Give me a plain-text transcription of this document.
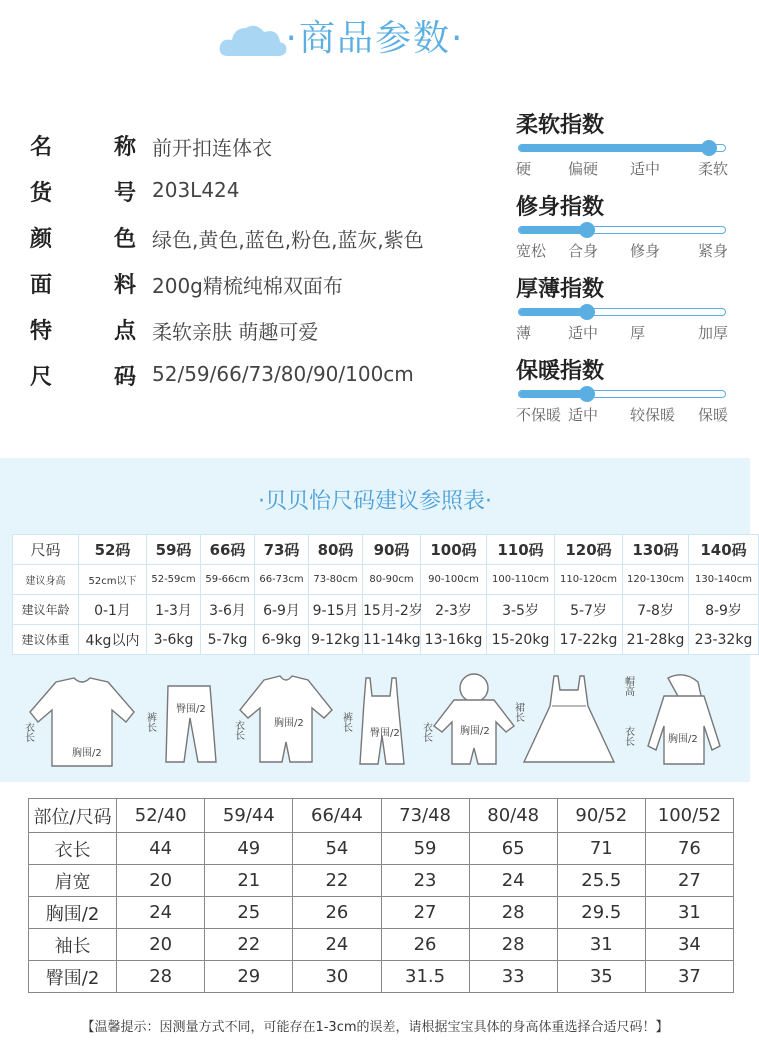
·商品参数·
名	称 前开扣连体衣
货	号 203L424
颜	色 绿色,黄色,蓝色,粉色,蓝灰,紫色
面	料 200g精梳纯棉双面布
特	点 柔软亲肤 萌趣可爱
尺	码 52/59/66/73/80/90/100cm
柔软指数
硬 偏硬 适中	柔软
修身指数
宽松 合身 修身	紧身
厚薄指数
薄 适中 厚	加厚
保暖指数
不保暖 适中 较保暖 保暖
·贝贝怡尺码建议参照表·
尺码	52码	59码	66码	73码	80码	90码	100码	110码	120码	130码	140码
建议身高	52cm以下	52-59cm	59-66cm	66-73cm	73-80cm	80-90cm	90-100cm	100-110cm	110-120cm	120-130cm	130-140cm
建议年龄	0-1月	1-3月	3-6月	6-9月	9-15月	15月-2岁	2-3岁	3-5岁	5-7岁	7-8岁	8-9岁
建议体重	4kg以内	3-6kg	5-7kg	6-9kg	9-12kg	11-14kg	13-16kg	15-20kg	17-22kg	21-28kg	23-32kg
衣长
胸围/2
裤长
臀围/2
衣长	胸围/2	裤长
臀围/2 衣长	胸围/2
裙长
帽高
衣长	胸围/2
部位/尺码	52/40	59/44	66/44	73/48	80/48	90/52	100/52
衣长	44	49	54	59	65	71	76
肩宽	20	21	22	23	24	25.5	27
胸围/2	24	25	26	27	28	29.5	31
袖长	20	22	24	26	28	31	34
臀围/2	28	29	30	31.5	33	35	37
【温馨提示：因测量方式不同，可能存在1-3cm的误差，请根据宝宝具体的身高体重选择合适尺码！】
